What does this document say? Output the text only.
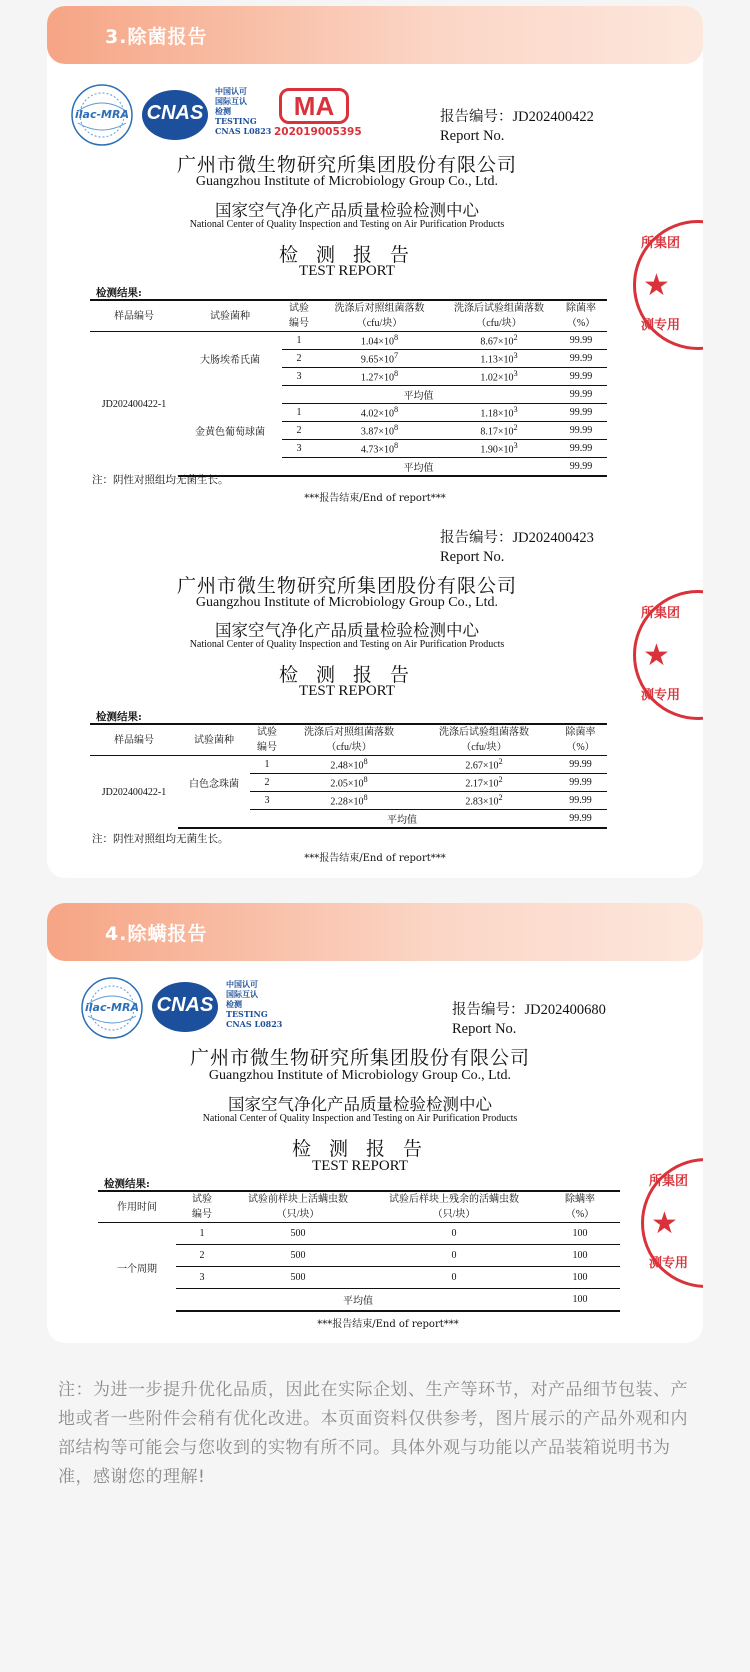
3.除菌报告
ilac-MRA CNAS
中国认可
国际互认
检测
TESTING
CNAS L0823
MA
202019005395
报告编号：JD202400422
Report No.
广州市微生物研究所集团股份有限公司
Guangzhou Institute of Microbiology Group Co., Ltd.
国家空气净化产品质量检验检测中心
National Center of Quality Inspection and Testing on Air Purification Products
检 测 报 告
TEST REPORT
检测结果:
样品编号	试验菌种	试验编号	洗涤后对照组菌落数（cfu/块）	洗涤后试验组菌落数（cfu/块）	除菌率（%）
JD202400422-1	大肠埃希氏菌	1	$1.04\times 10^8$	$8.67\times 10^2$	99.99
		2	$9.65\times 10^7$	$1.13\times 10^3$	99.99
		3	$1.27\times 10^8$	$1.02\times 10^3$	99.99
		平均值			99.99
	金黄色葡萄球菌	1	$4.02\times 10^8$	$1.18\times 10^3$	99.99
		2	$3.87\times 10^8$	$8.17\times 10^2$	99.99
		3	$4.73\times 10^8$	$1.90\times 10^3$	99.99
		平均值			99.99
注：阴性对照组均无菌生长。
***报告结束/End of report***
所集团
★
测专用
报告编号：JD202400423
Report No.
广州市微生物研究所集团股份有限公司
Guangzhou Institute of Microbiology Group Co., Ltd.
国家空气净化产品质量检验检测中心
National Center of Quality Inspection and Testing on Air Purification Products
检 测 报 告
TEST REPORT
检测结果:
样品编号	试验菌种	试验编号	洗涤后对照组菌落数（cfu/块）	洗涤后试验组菌落数（cfu/块）	除菌率（%）
JD202400422-1	白色念珠菌	1	$2.48\times 10^8$	$2.67\times 10^2$	99.99
		2	$2.05\times 10^8$	$2.17\times 10^2$	99.99
		3	$2.28\times 10^8$	$2.83\times 10^2$	99.99
		平均值			99.99
注：阴性对照组均无菌生长。
***报告结束/End of report***
所集团
★
测专用
4.除螨报告
ilac-MRA CNAS
中国认可
国际互认
检测
TESTING
CNAS L0823
报告编号：JD202400680
Report No.
广州市微生物研究所集团股份有限公司
Guangzhou Institute of Microbiology Group Co., Ltd.
国家空气净化产品质量检验检测中心
National Center of Quality Inspection and Testing on Air Purification Products
检 测 报 告
TEST REPORT
检测结果:
作用时间	试验编号	试验前样块上活螨虫数（只/块）	试验后样块上残余的活螨虫数（只/块）	除螨率（%）
一个周期	1	500	0	100
	2	500	0	100
	3	500	0	100
	平均值			100
***报告结束/End of report***
所集团
★
测专用
注：为进一步提升优化品质，因此在实际企划、生产等环节，对产品细节包装、产地或者一些附件会稍有优化改进。本页面资料仅供参考，图片展示的产品外观和内部结构等可能会与您收到的实物有所不同。具体外观与功能以产品装箱说明书为准，感谢您的理解!
